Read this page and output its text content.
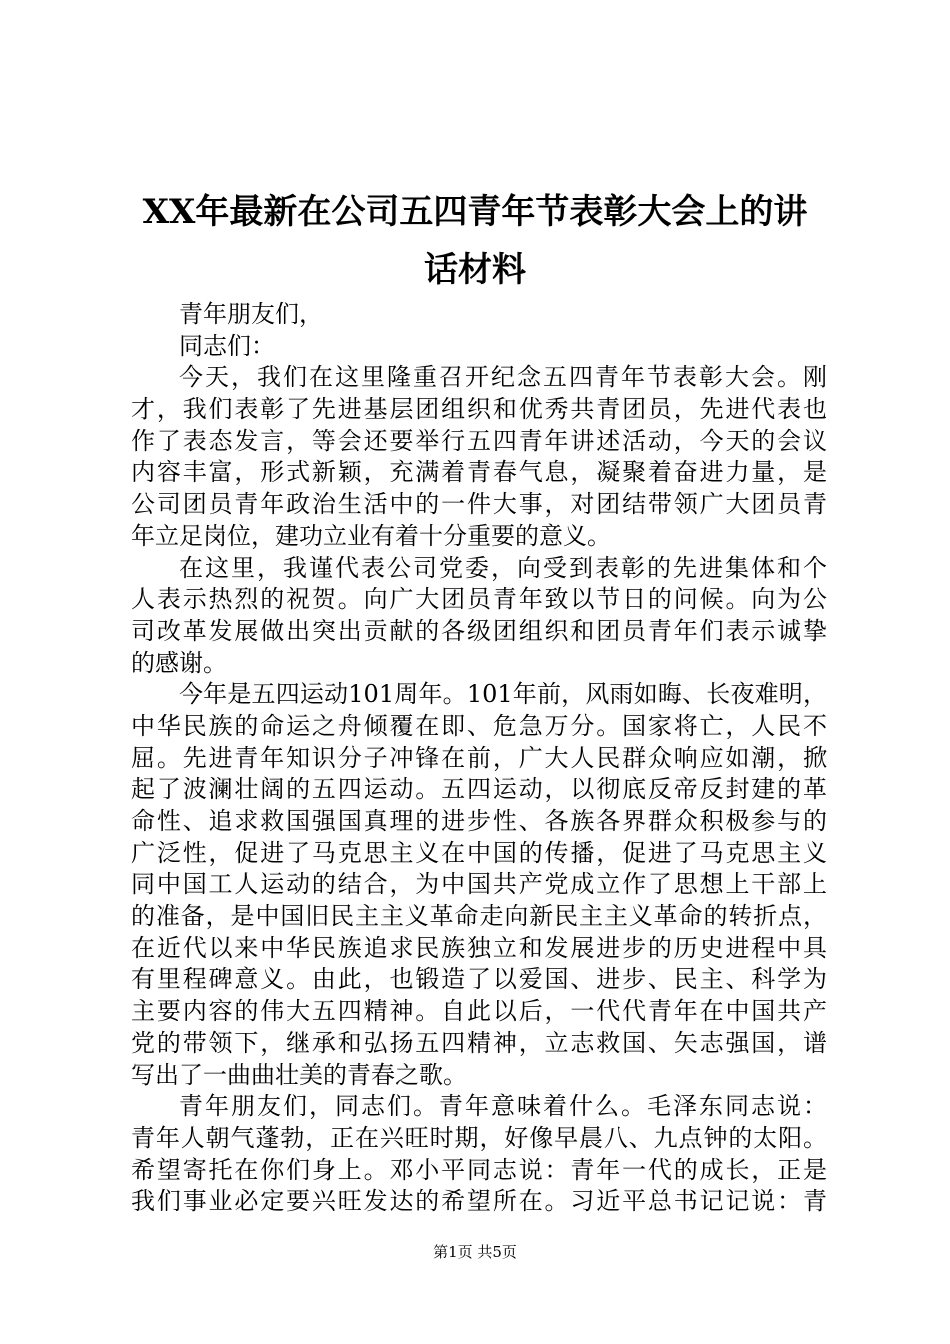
XX年最新在公司五四青年节表彰大会上的讲
话材料
青年朋友们，
同志们：
今天，我们在这里隆重召开纪念五四青年节表彰大会。刚
才，我们表彰了先进基层团组织和优秀共青团员，先进代表也
作了表态发言，等会还要举行五四青年讲述活动，今天的会议
内容丰富，形式新颖，充满着青春气息，凝聚着奋进力量，是
公司团员青年政治生活中的一件大事，对团结带领广大团员青
年立足岗位，建功立业有着十分重要的意义。
在这里，我谨代表公司党委，向受到表彰的先进集体和个
人表示热烈的祝贺。向广大团员青年致以节日的问候。向为公
司改革发展做出突出贡献的各级团组织和团员青年们表示诚挚
的感谢。
今年是五四运动101周年。101年前，风雨如晦、长夜难明，
中华民族的命运之舟倾覆在即、危急万分。国家将亡，人民不
屈。先进青年知识分子冲锋在前，广大人民群众响应如潮，掀
起了波澜壮阔的五四运动。五四运动，以彻底反帝反封建的革
命性、追求救国强国真理的进步性、各族各界群众积极参与的
广泛性，促进了马克思主义在中国的传播，促进了马克思主义
同中国工人运动的结合，为中国共产党成立作了思想上干部上
的准备，是中国旧民主主义革命走向新民主主义革命的转折点，
在近代以来中华民族追求民族独立和发展进步的历史进程中具
有里程碑意义。由此，也锻造了以爱国、进步、民主、科学为
主要内容的伟大五四精神。自此以后，一代代青年在中国共产
党的带领下，继承和弘扬五四精神，立志救国、矢志强国，谱
写出了一曲曲壮美的青春之歌。
青年朋友们，同志们。青年意味着什么。毛泽东同志说：
青年人朝气蓬勃，正在兴旺时期，好像早晨八、九点钟的太阳。
希望寄托在你们身上。邓小平同志说：青年一代的成长，正是
我们事业必定要兴旺发达的希望所在。习近平总书记记说：青
第1页 共5页
